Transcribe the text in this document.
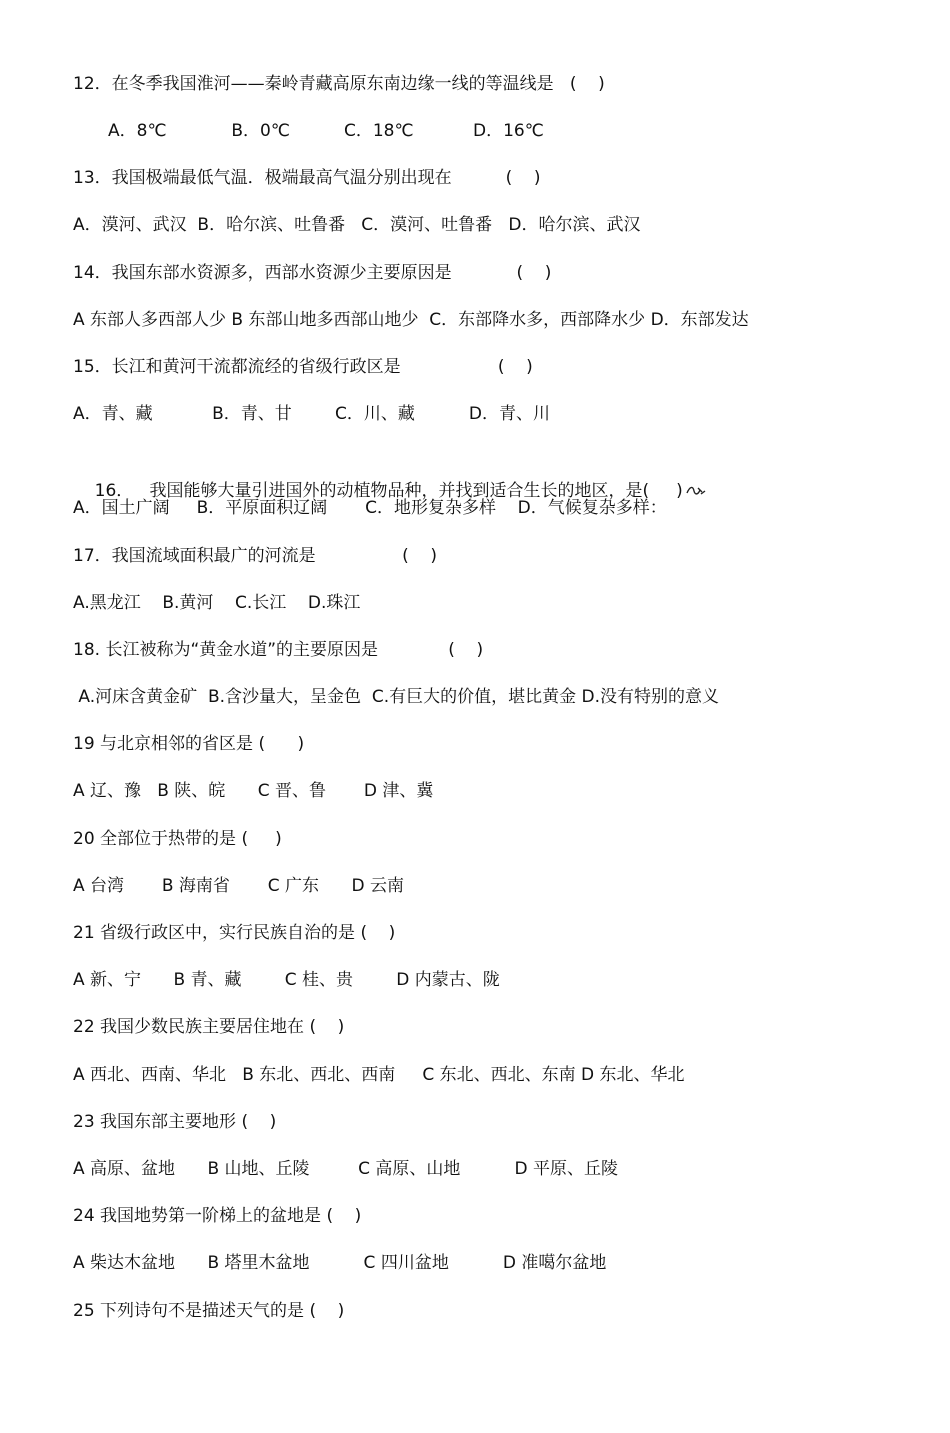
12．在冬季我国淮河——秦岭青藏高原东南边缘一线的等温线是   (    )
A．8℃            B．0℃          C．18℃           D．16℃
13．我国极端最低气温．极端最高气温分别出现在          (    )
A．漠河、武汉  B．哈尔滨、吐鲁番   C．漠河、吐鲁番   D．哈尔滨、武汉
14．我国东部水资源多，西部水资源少主要原因是            (    )
A 东部人多西部人少 B 东部山地多西部山地少  C．东部降水多，西部降水少 D．东部发达
15．长江和黄河干流都流经的省级行政区是                  (    )
A．青、藏           B．青、甘        C．川、藏          D．青、川

16．   我国能够大量引进国外的动植物品种，并找到适合生长的地区，是(     )

A．国土广阔     B．平原面积辽阔       C．地形复杂多样    D．气候复杂多样：
17．我国流域面积最广的河流是                (    )
A.黑龙江    B.黄河    C.长江    D.珠江
18. 长江被称为“黄金水道”的主要原因是             (    )
A.河床含黄金矿  B.含沙量大，呈金色  C.有巨大的价值，堪比黄金 D.没有特别的意义
19 与北京相邻的省区是 (      )
A 辽、豫   B 陕、皖      C 晋、鲁       D 津、冀
20 全部位于热带的是 (     )
A 台湾       B 海南省       C 广东      D 云南
21 省级行政区中，实行民族自治的是 (    )
A 新、宁      B 青、藏        C 桂、贵        D 内蒙古、陇
22 我国少数民族主要居住地在 (    )
A 西北、西南、华北   B 东北、西北、西南     C 东北、西北、东南 D 东北、华北
23 我国东部主要地形 (    )
A 高原、盆地      B 山地、丘陵         C 高原、山地          D 平原、丘陵
24 我国地势第一阶梯上的盆地是 (    )
A 柴达木盆地      B 塔里木盆地          C 四川盆地          D 准噶尔盆地
25 下列诗句不是描述天气的是 (    )
